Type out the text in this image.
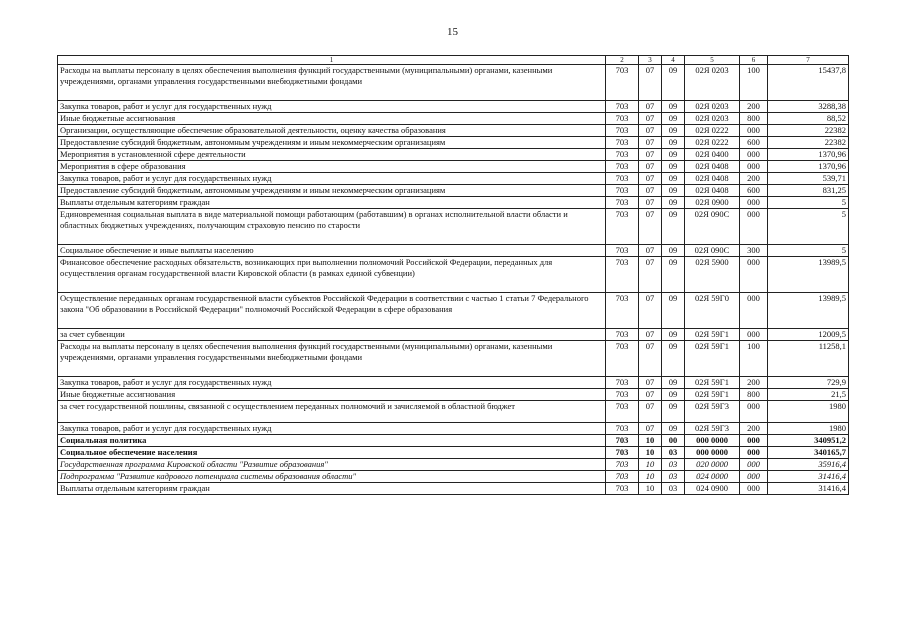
15
1	2	3	4	5	6	7
Расходы на выплаты персоналу в целях обеспечения выполнения функций государственными (муниципальными) органами, казенными учреждениями, органами управления государственными внебюджетными фондами	703	07	09	02Я 0203	100	15437,8
Закупка товаров, работ и услуг для государственных нужд	703	07	09	02Я 0203	200	3288,38
Иные бюджетные ассигнования	703	07	09	02Я 0203	800	88,52
Организации, осуществляющие обеспечение образовательной деятельности, оценку качества образования	703	07	09	02Я 0222	000	22382
Предоставление субсидий бюджетным, автономным учреждениям и иным некоммерческим организациям	703	07	09	02Я 0222	600	22382
Мероприятия в установленной сфере деятельности	703	07	09	02Я 0400	000	1370,96
Мероприятия в сфере образования	703	07	09	02Я 0408	000	1370,96
Закупка товаров, работ и услуг для государственных нужд	703	07	09	02Я 0408	200	539,71
Предоставление субсидий бюджетным, автономным учреждениям и иным некоммерческим организациям	703	07	09	02Я 0408	600	831,25
Выплаты отдельным категориям граждан	703	07	09	02Я 0900	000	5
Единовременная социальная выплата в виде материальной помощи работающим (работавшим) в органах исполнительной власти области и областных бюджетных учреждениях, получающим страховую пенсию по старости	703	07	09	02Я 090С	000	5
Социальное обеспечение и иные выплаты населению	703	07	09	02Я 090С	300	5
Финансовое обеспечение расходных обязательств, возникающих при выполнении полномочий Российской Федерации, переданных для осуществления органам государственной власти Кировской области (в рамках единой субвенции)	703	07	09	02Я 5900	000	13989,5
Осуществление переданных органам государственной власти субъектов Российской Федерации в соответствии с частью 1 статьи 7 Федерального закона "Об образовании в Российской Федерации" полномочий Российской Федерации в сфере образования	703	07	09	02Я 59Г0	000	13989,5
за счет субвенции	703	07	09	02Я 59Г1	000	12009,5
Расходы на выплаты персоналу в целях обеспечения выполнения функций государственными (муниципальными) органами, казенными учреждениями, органами управления государственными внебюджетными фондами	703	07	09	02Я 59Г1	100	11258,1
Закупка товаров, работ и услуг для государственных нужд	703	07	09	02Я 59Г1	200	729,9
Иные бюджетные ассигнования	703	07	09	02Я 59Г1	800	21,5
за счет государственной пошлины, связанной с осуществлением переданных полномочий и зачисляемой в областной бюджет	703	07	09	02Я 59Г3	000	1980
Закупка товаров, работ и услуг для государственных нужд	703	07	09	02Я 59Г3	200	1980
Социальная политика	703	10	00	000 0000	000	340951,2
Социальное обеспечение населения	703	10	03	000 0000	000	340165,7
Государственная программа Кировской области "Развитие образования"	703	10	03	020 0000	000	35916,4
Подпрограмма "Развитие кадрового потенциала системы образования области"	703	10	03	024 0000	000	31416,4
Выплаты отдельным категориям граждан	703	10	03	024 0900	000	31416,4
